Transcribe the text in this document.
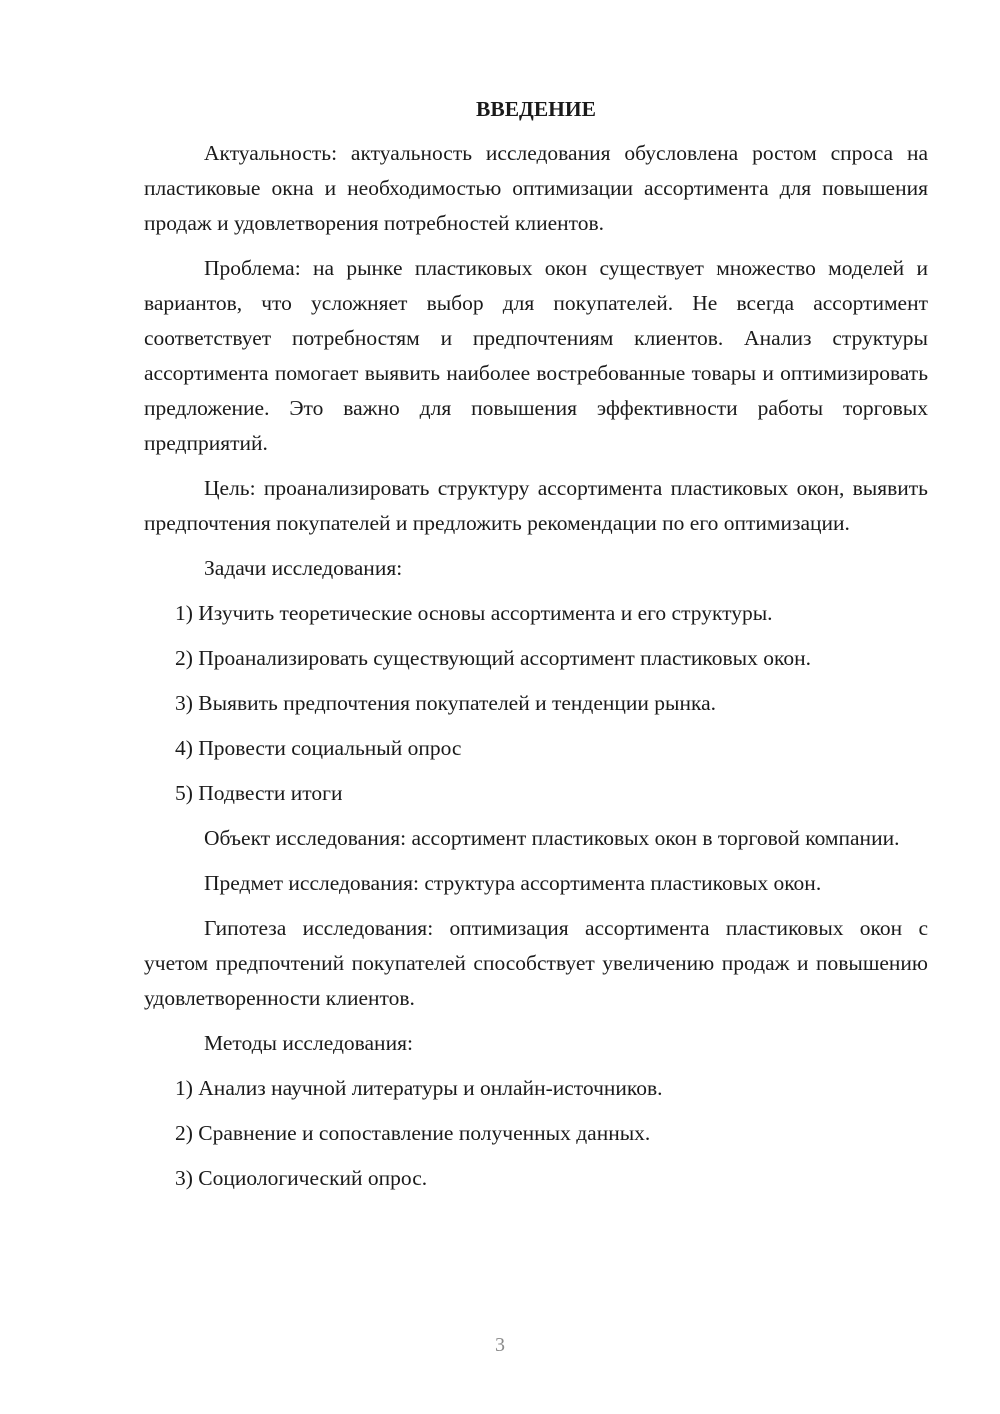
ВВЕДЕНИЕ

Актуальность: актуальность исследования обусловлена ростом спроса на пластиковые окна и необходимостью оптимизации ассортимента для повышения продаж и удовлетворения потребностей клиентов.

Проблема: на рынке пластиковых окон существует множество моделей и вариантов, что усложняет выбор для покупателей. Не всегда ассортимент соответствует потребностям и предпочтениям клиентов. Анализ структуры ассортимента помогает выявить наиболее востребованные товары и оптимизировать предложение. Это важно для повышения эффективности работы торговых предприятий.

Цель: проанализировать структуру ассортимента пластиковых окон, выявить предпочтения покупателей и предложить рекомендации по его оптимизации.

Задачи исследования:

1) Изучить теоретические основы ассортимента и его структуры.

2) Проанализировать существующий ассортимент пластиковых окон.

3) Выявить предпочтения покупателей и тенденции рынка.

4) Провести социальный опрос

5) Подвести итоги

Объект исследования: ассортимент пластиковых окон в торговой компании.

Предмет исследования: структура ассортимента пластиковых окон.

Гипотеза исследования: оптимизация ассортимента пластиковых окон с учетом предпочтений покупателей способствует увеличению продаж и повышению удовлетворенности клиентов.

Методы исследования:

1) Анализ научной литературы и онлайн-источников.

2) Сравнение и сопоставление полученных данных.

3) Социологический опрос.

3
